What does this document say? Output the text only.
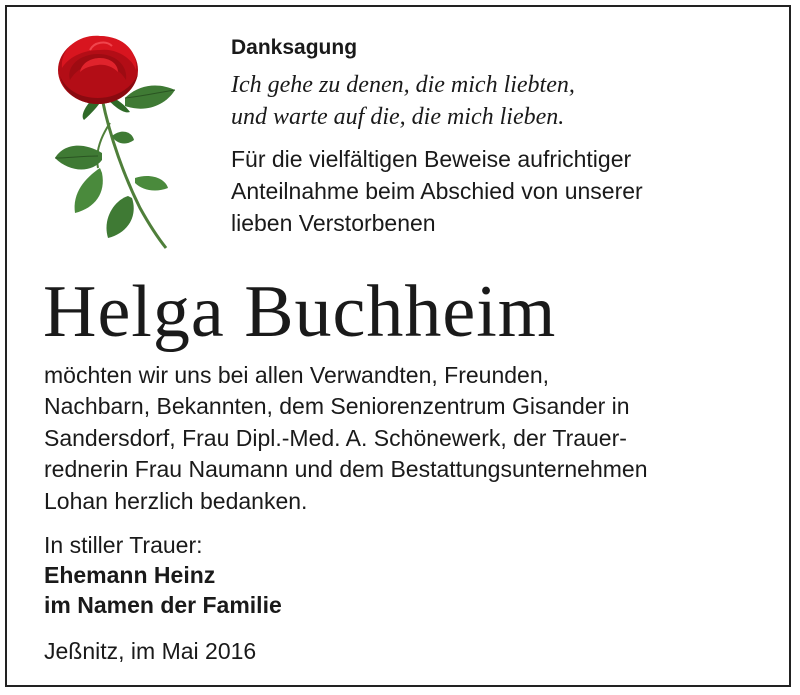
Danksagung
Ich gehe zu denen, die mich liebten,
und warte auf die, die mich lieben.
Für die vielfältigen Beweise aufrichtiger
Anteilnahme beim Abschied von unserer
lieben Verstorbenen
Helga Buchheim
möchten wir uns bei allen Verwandten, Freunden,
Nachbarn, Bekannten, dem Seniorenzentrum Gisander in
Sandersdorf, Frau Dipl.-Med. A. Schönewerk, der Trauer-
rednerin Frau Naumann und dem Bestattungsunternehmen
Lohan herzlich bedanken.
In stiller Trauer:
Ehemann Heinz
im Namen der Familie
Jeßnitz, im Mai 2016
